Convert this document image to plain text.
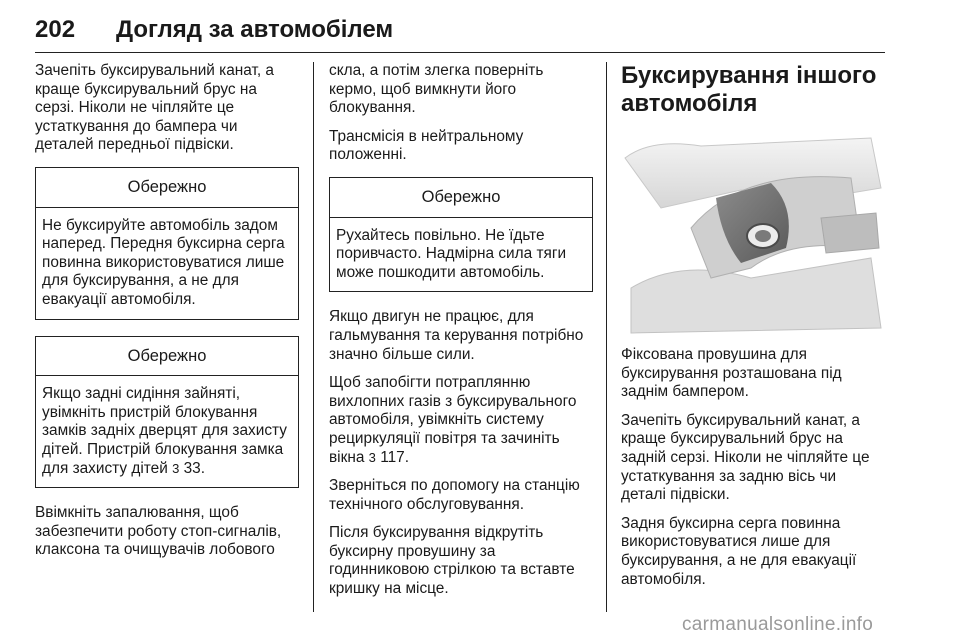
202 Догляд за автомобілем

Зачепіть буксирувальний канат, а краще буксирувальний брус на серзі. Ніколи не чіпляйте це устаткування до бампера чи деталей передньої підвіски.

Обережно
Не буксируйте автомобіль задом наперед. Передня буксирна серга повинна використовуватися лише для буксирування, а не для евакуації автомобіля.
Обережно
Якщо задні сидіння зайняті, увімкніть пристрій блокування замків задніх дверцят для захисту дітей. Пристрій блокування замка для захисту дітей 3 33.

Ввімкніть запалювання, щоб забезпечити роботу стоп-сигналів, клаксона та очищувачів лобового

скла, а потім злегка поверніть кермо, щоб вимкнути його блокування.

Трансмісія в нейтральному положенні.

Обережно
Рухайтесь повільно. Не їдьте поривчасто. Надмірна сила тяги може пошкодити автомобіль.

Якщо двигун не працює, для гальмування та керування потрібно значно більше сили.

Щоб запобігти потраплянню вихлопних газів з буксирувального автомобіля, увімкніть систему рециркуляції повітря та зачиніть вікна 3 117.

Зверніться по допомогу на станцію технічного обслуговування.

Після буксирування відкрутіть буксирну провушину за годинниковою стрілкою та вставте кришку на місце.

Буксирування іншого автомобіля

Фіксована провушина для буксирування розташована під заднім бампером.

Зачепіть буксирувальний канат, а краще буксирувальний брус на задній серзі. Ніколи не чіпляйте це устаткування за задню вісь чи деталі підвіски.

Задня буксирна серга повинна використовуватися лише для буксирування, а не для евакуації автомобіля.

carmanualsonline.info
